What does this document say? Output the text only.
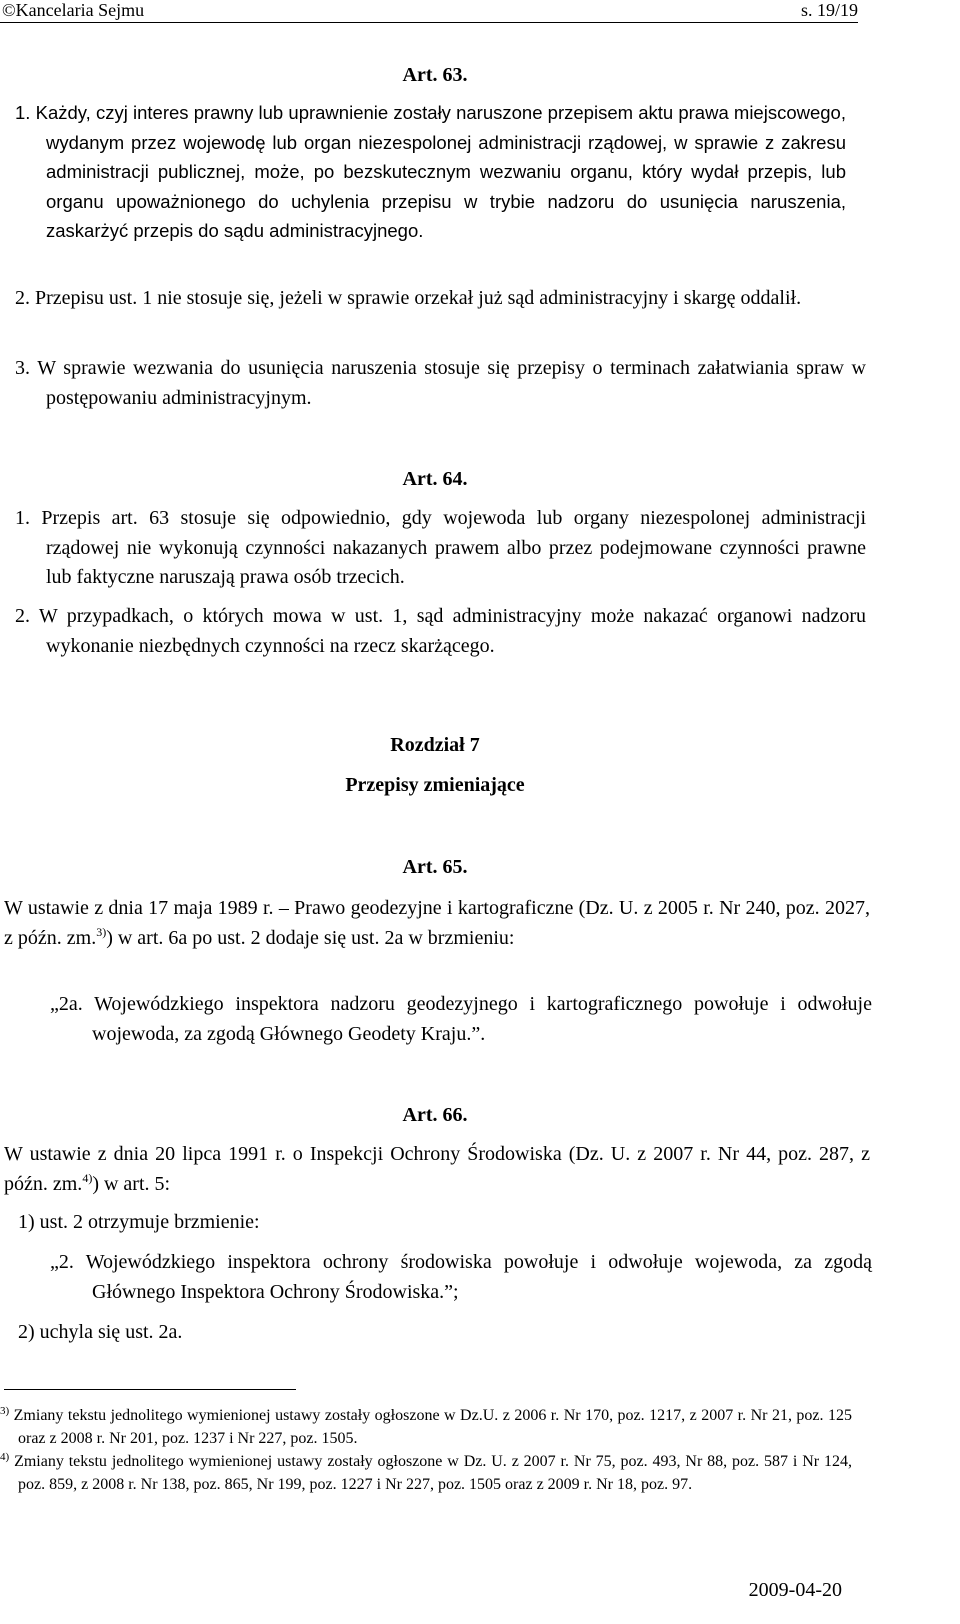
©Kancelaria Sejmu	s. 19/19
Art. 63.

1. Każdy, czyj interes prawny lub uprawnienie zostały naruszone przepisem aktu prawa miejscowego, wydanym przez wojewodę lub organ niezespolonej administracji rządowej, w sprawie z zakresu administracji publicznej, może, po bezskutecznym wezwaniu organu, który wydał przepis, lub organu upoważnionego do uchylenia przepisu w trybie nadzoru do usunięcia naruszenia, zaskarżyć przepis do sądu administracyjnego.

2. Przepisu ust. 1 nie stosuje się, jeżeli w sprawie orzekał już sąd administracyjny i skargę oddalił.

3. W sprawie wezwania do usunięcia naruszenia stosuje się przepisy o terminach załatwiania spraw w postępowaniu administracyjnym.

Art. 64.

1. Przepis art. 63 stosuje się odpowiednio, gdy wojewoda lub organy niezespolonej administracji rządowej nie wykonują czynności nakazanych prawem albo przez podejmowane czynności prawne lub faktyczne naruszają prawa osób trzecich.

2. W przypadkach, o których mowa w ust. 1, sąd administracyjny może nakazać organowi nadzoru wykonanie niezbędnych czynności na rzecz skarżącego.

Rozdział 7
Przepisy zmieniające
Art. 65.

W ustawie z dnia 17 maja 1989 r. – Prawo geodezyjne i kartograficzne (Dz. U. z 2005 r. Nr 240, poz. 2027, z późn. zm.$^{3)}$) w art. 6a po ust. 2 dodaje się ust. 2a w brzmieniu:

„2a. Wojewódzkiego inspektora nadzoru geodezyjnego i kartograficznego powołuje i odwołuje wojewoda, za zgodą Głównego Geodety Kraju.”.

Art. 66.

W ustawie z dnia 20 lipca 1991 r. o Inspekcji Ochrony Środowiska (Dz. U. z 2007 r. Nr 44, poz. 287, z późn. zm.$^{4)}$) w art. 5:

1) ust. 2 otrzymuje brzmienie:

„2. Wojewódzkiego inspektora ochrony środowiska powołuje i odwołuje wojewoda, za zgodą Głównego Inspektora Ochrony Środowiska.”;

2) uchyla się ust. 2a.

$^{3)}$ Zmiany tekstu jednolitego wymienionej ustawy zostały ogłoszone w Dz.U. z 2006 r. Nr 170, poz. 1217, z 2007 r. Nr 21, poz. 125 oraz z 2008 r. Nr 201, poz. 1237 i Nr 227, poz. 1505.

$^{4)}$ Zmiany tekstu jednolitego wymienionej ustawy zostały ogłoszone w Dz. U. z 2007 r. Nr 75, poz. 493, Nr 88, poz. 587 i Nr 124, poz. 859, z 2008 r. Nr 138, poz. 865, Nr 199, poz. 1227 i Nr 227, poz. 1505 oraz z 2009 r. Nr 18, poz. 97.

2009-04-20
